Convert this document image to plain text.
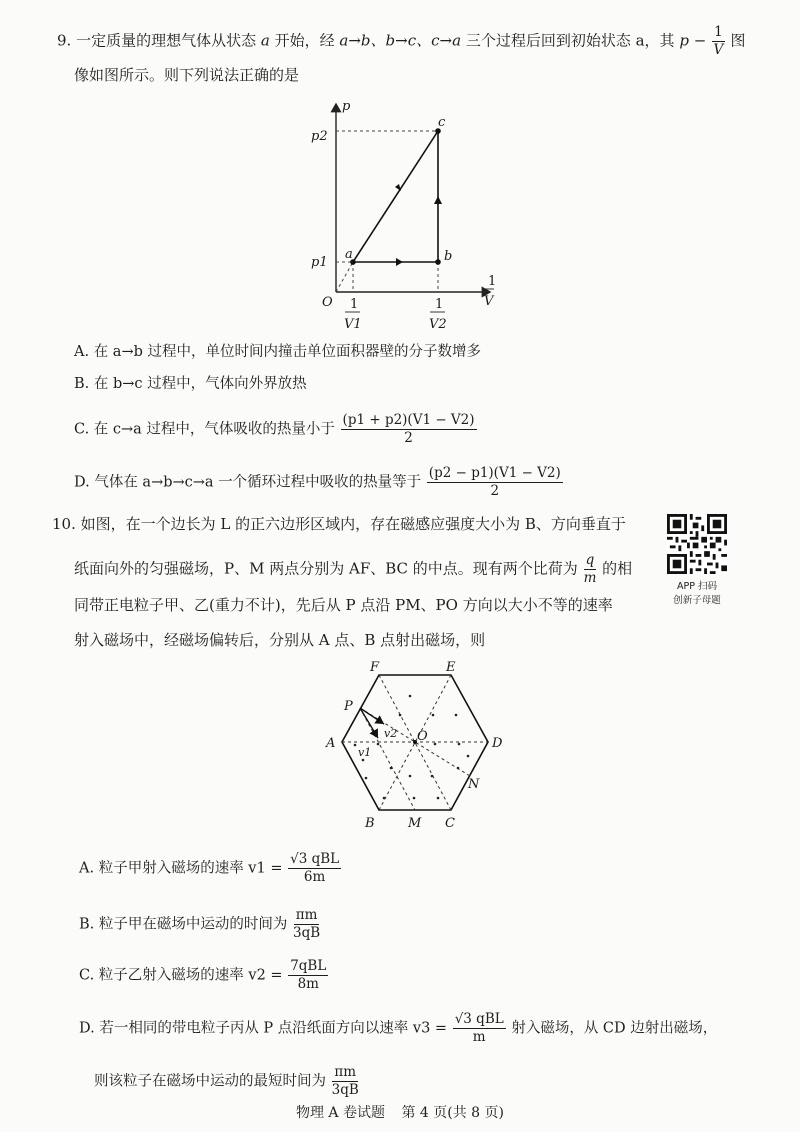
9. 一定质量的理想气体从状态 a 开始，经 a→b、b→c、c→a 三个过程后回到初始状态 a，其 $p - \frac{1}{V}$ 图
像如图所示。则下列说法正确的是
p
p2
p1
a	b
c
O
1
V
1
V1
1
V2
A. 在 a→b 过程中，单位时间内撞击单位面积器壁的分子数增多
B. 在 b→c 过程中，气体向外界放热
C. 在 c→a 过程中，气体吸收的热量小于 $\frac{(p1 + p2)(V1 - V2)}{2}$
D. 气体在 a→b→c→a 一个循环过程中吸收的热量等于 $\frac{(p2 - p1)(V1 - V2)}{2}$
10. 如图，在一个边长为 L 的正六边形区域内，存在磁感应强度大小为 B、方向垂直于
纸面向外的匀强磁场，P、M 两点分别为 AF、BC 的中点。现有两个比荷为 $\frac{q}{m}$ 的相
同带正电粒子甲、乙(重力不计)，先后从 P 点沿 PM、PO 方向以大小不等的速率
射入磁场中，经磁场偏转后，分别从 A 点、B 点射出磁场，则
APP 扫码
创新子母题
F	E
P
A	D
O
N
B	M C
v1
v2
A. 粒子甲射入磁场的速率 $v1 = \frac{\text{√3 qBL}}{6m}$
B. 粒子甲在磁场中运动的时间为 $\frac{\pi m}{3qB}$
C. 粒子乙射入磁场的速率 $v2 = \frac{\text{7qBL}}{8m}$
D. 若一相同的带电粒子丙从 P 点沿纸面方向以速率 $v3 = \frac{\text{√3 qBL}}{m}$ 射入磁场，从 CD 边射出磁场，
则该粒子在磁场中运动的最短时间为 $\frac{\pi m}{3qB}$
物理 A 卷试题 第 4 页(共 8 页)
